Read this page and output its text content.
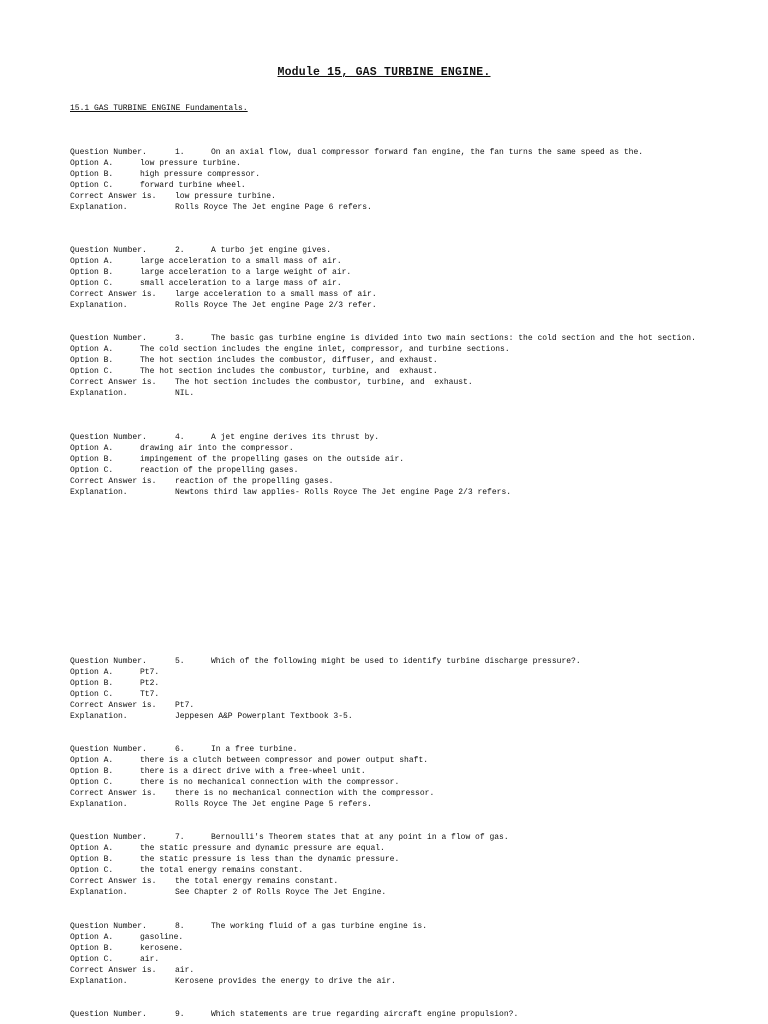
Module 15, GAS TURBINE ENGINE.
15.1 GAS TURBINE ENGINE Fundamentals.
Question Number.	1.	On an axial flow, dual compressor forward fan engine, the fan turns the same speed as the.
Option A.	low pressure turbine.
Option B.	high pressure compressor.
Option C.	forward turbine wheel.
Correct Answer is. low pressure turbine.
Explanation.	Rolls Royce The Jet engine Page 6 refers.
Question Number.	2.	A turbo jet engine gives.
Option A.	large acceleration to a small mass of air.
Option B.	large acceleration to a large weight of air.
Option C.	small acceleration to a large mass of air.
Correct Answer is. large acceleration to a small mass of air.
Explanation.	Rolls Royce The Jet engine Page 2/3 refer.
Question Number.	3.	The basic gas turbine engine is divided into two main sections: the cold section and the hot section.
Option A.	The cold section includes the engine inlet, compressor, and turbine sections.
Option B.	The hot section includes the combustor, diffuser, and exhaust.
Option C.	The hot section includes the combustor, turbine, and  exhaust.
Correct Answer is. The hot section includes the combustor, turbine, and  exhaust.
Explanation.	NIL.
Question Number.	4.	A jet engine derives its thrust by.
Option A.	drawing air into the compressor.
Option B.	impingement of the propelling gases on the outside air.
Option C.	reaction of the propelling gases.
Correct Answer is. reaction of the propelling gases.
Explanation.	Newtons third law applies- Rolls Royce The Jet engine Page 2/3 refers.
Question Number.	5.	Which of the following might be used to identify turbine discharge pressure?.
Option A.	Pt7.
Option B.	Pt2.
Option C.	Tt7.
Correct Answer is. Pt7.
Explanation.	Jeppesen A&P Powerplant Textbook 3-5.
Question Number.	6.	In a free turbine.
Option A.	there is a clutch between compressor and power output shaft.
Option B.	there is a direct drive with a free-wheel unit.
Option C.	there is no mechanical connection with the compressor.
Correct Answer is. there is no mechanical connection with the compressor.
Explanation.	Rolls Royce The Jet engine Page 5 refers.
Question Number.	7.	Bernoulli's Theorem states that at any point in a flow of gas.
Option A.	the static pressure and dynamic pressure are equal.
Option B.	the static pressure is less than the dynamic pressure.
Option C.	the total energy remains constant.
Correct Answer is. the total energy remains constant.
Explanation.	See Chapter 2 of Rolls Royce The Jet Engine.
Question Number.	8.	The working fluid of a gas turbine engine is.
Option A.	gasoline.
Option B.	kerosene.
Option C.	air.
Correct Answer is. air.
Explanation.	Kerosene provides the energy to drive the air.
Question Number.	9.	Which statements are true regarding aircraft engine propulsion?.
